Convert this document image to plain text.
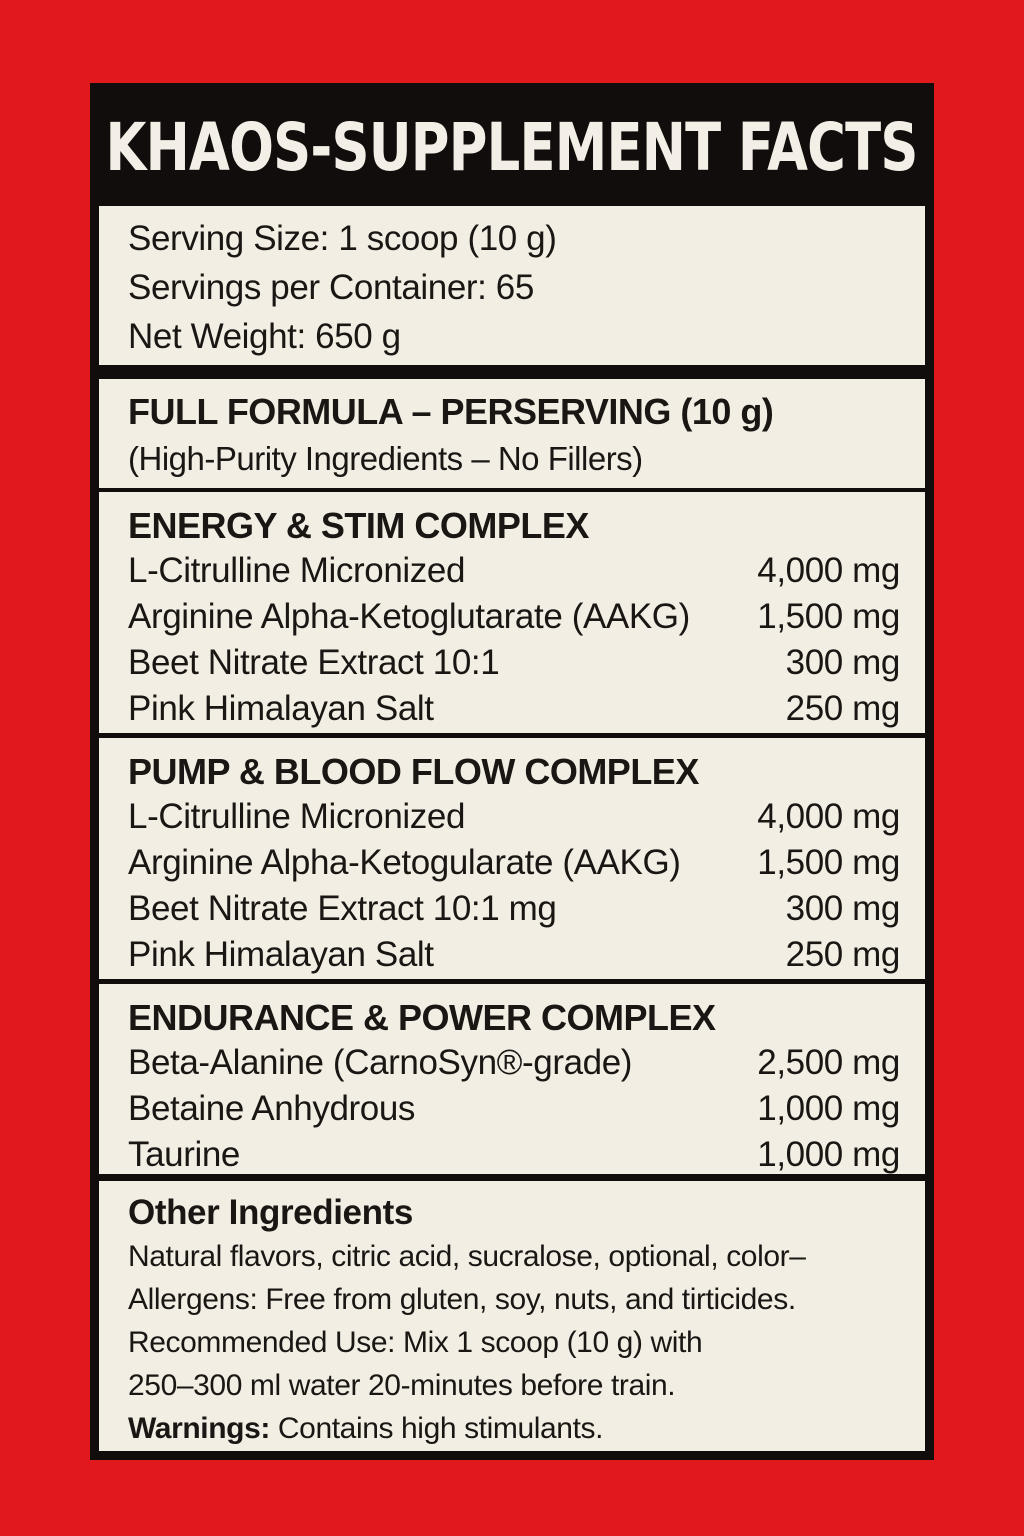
KHAOS-SUPPLEMENT FACTS
Serving Size: 1 scoop (10 g)
Servings per Container: 65
Net Weight: 650 g
FULL FORMULA – PERSERVING (10 g)
(High-Purity Ingredients – No Fillers)
ENERGY & STIM COMPLEX
L-Citrulline Micronized	4,000 mg
Arginine Alpha-Ketoglutarate (AAKG) 1,500 mg
Beet Nitrate Extract 10:1	300 mg
Pink Himalayan Salt	250 mg
PUMP & BLOOD FLOW COMPLEX
L-Citrulline Micronized	4,000 mg
Arginine Alpha-Ketogularate (AAKG) 1,500 mg
Beet Nitrate Extract 10:1 mg	300 mg
Pink Himalayan Salt	250 mg
ENDURANCE & POWER COMPLEX
Beta-Alanine (CarnoSyn®-grade)	2,500 mg
Betaine Anhydrous	1,000 mg
Taurine	1,000 mg
Other Ingredients
Natural flavors, citric acid, sucralose, optional, color–
Allergens: Free from gluten, soy, nuts, and tirticides.
Recommended Use: Mix 1 scoop (10 g) with
250–300 ml water 20-minutes before train.
Warnings: Contains high stimulants.
